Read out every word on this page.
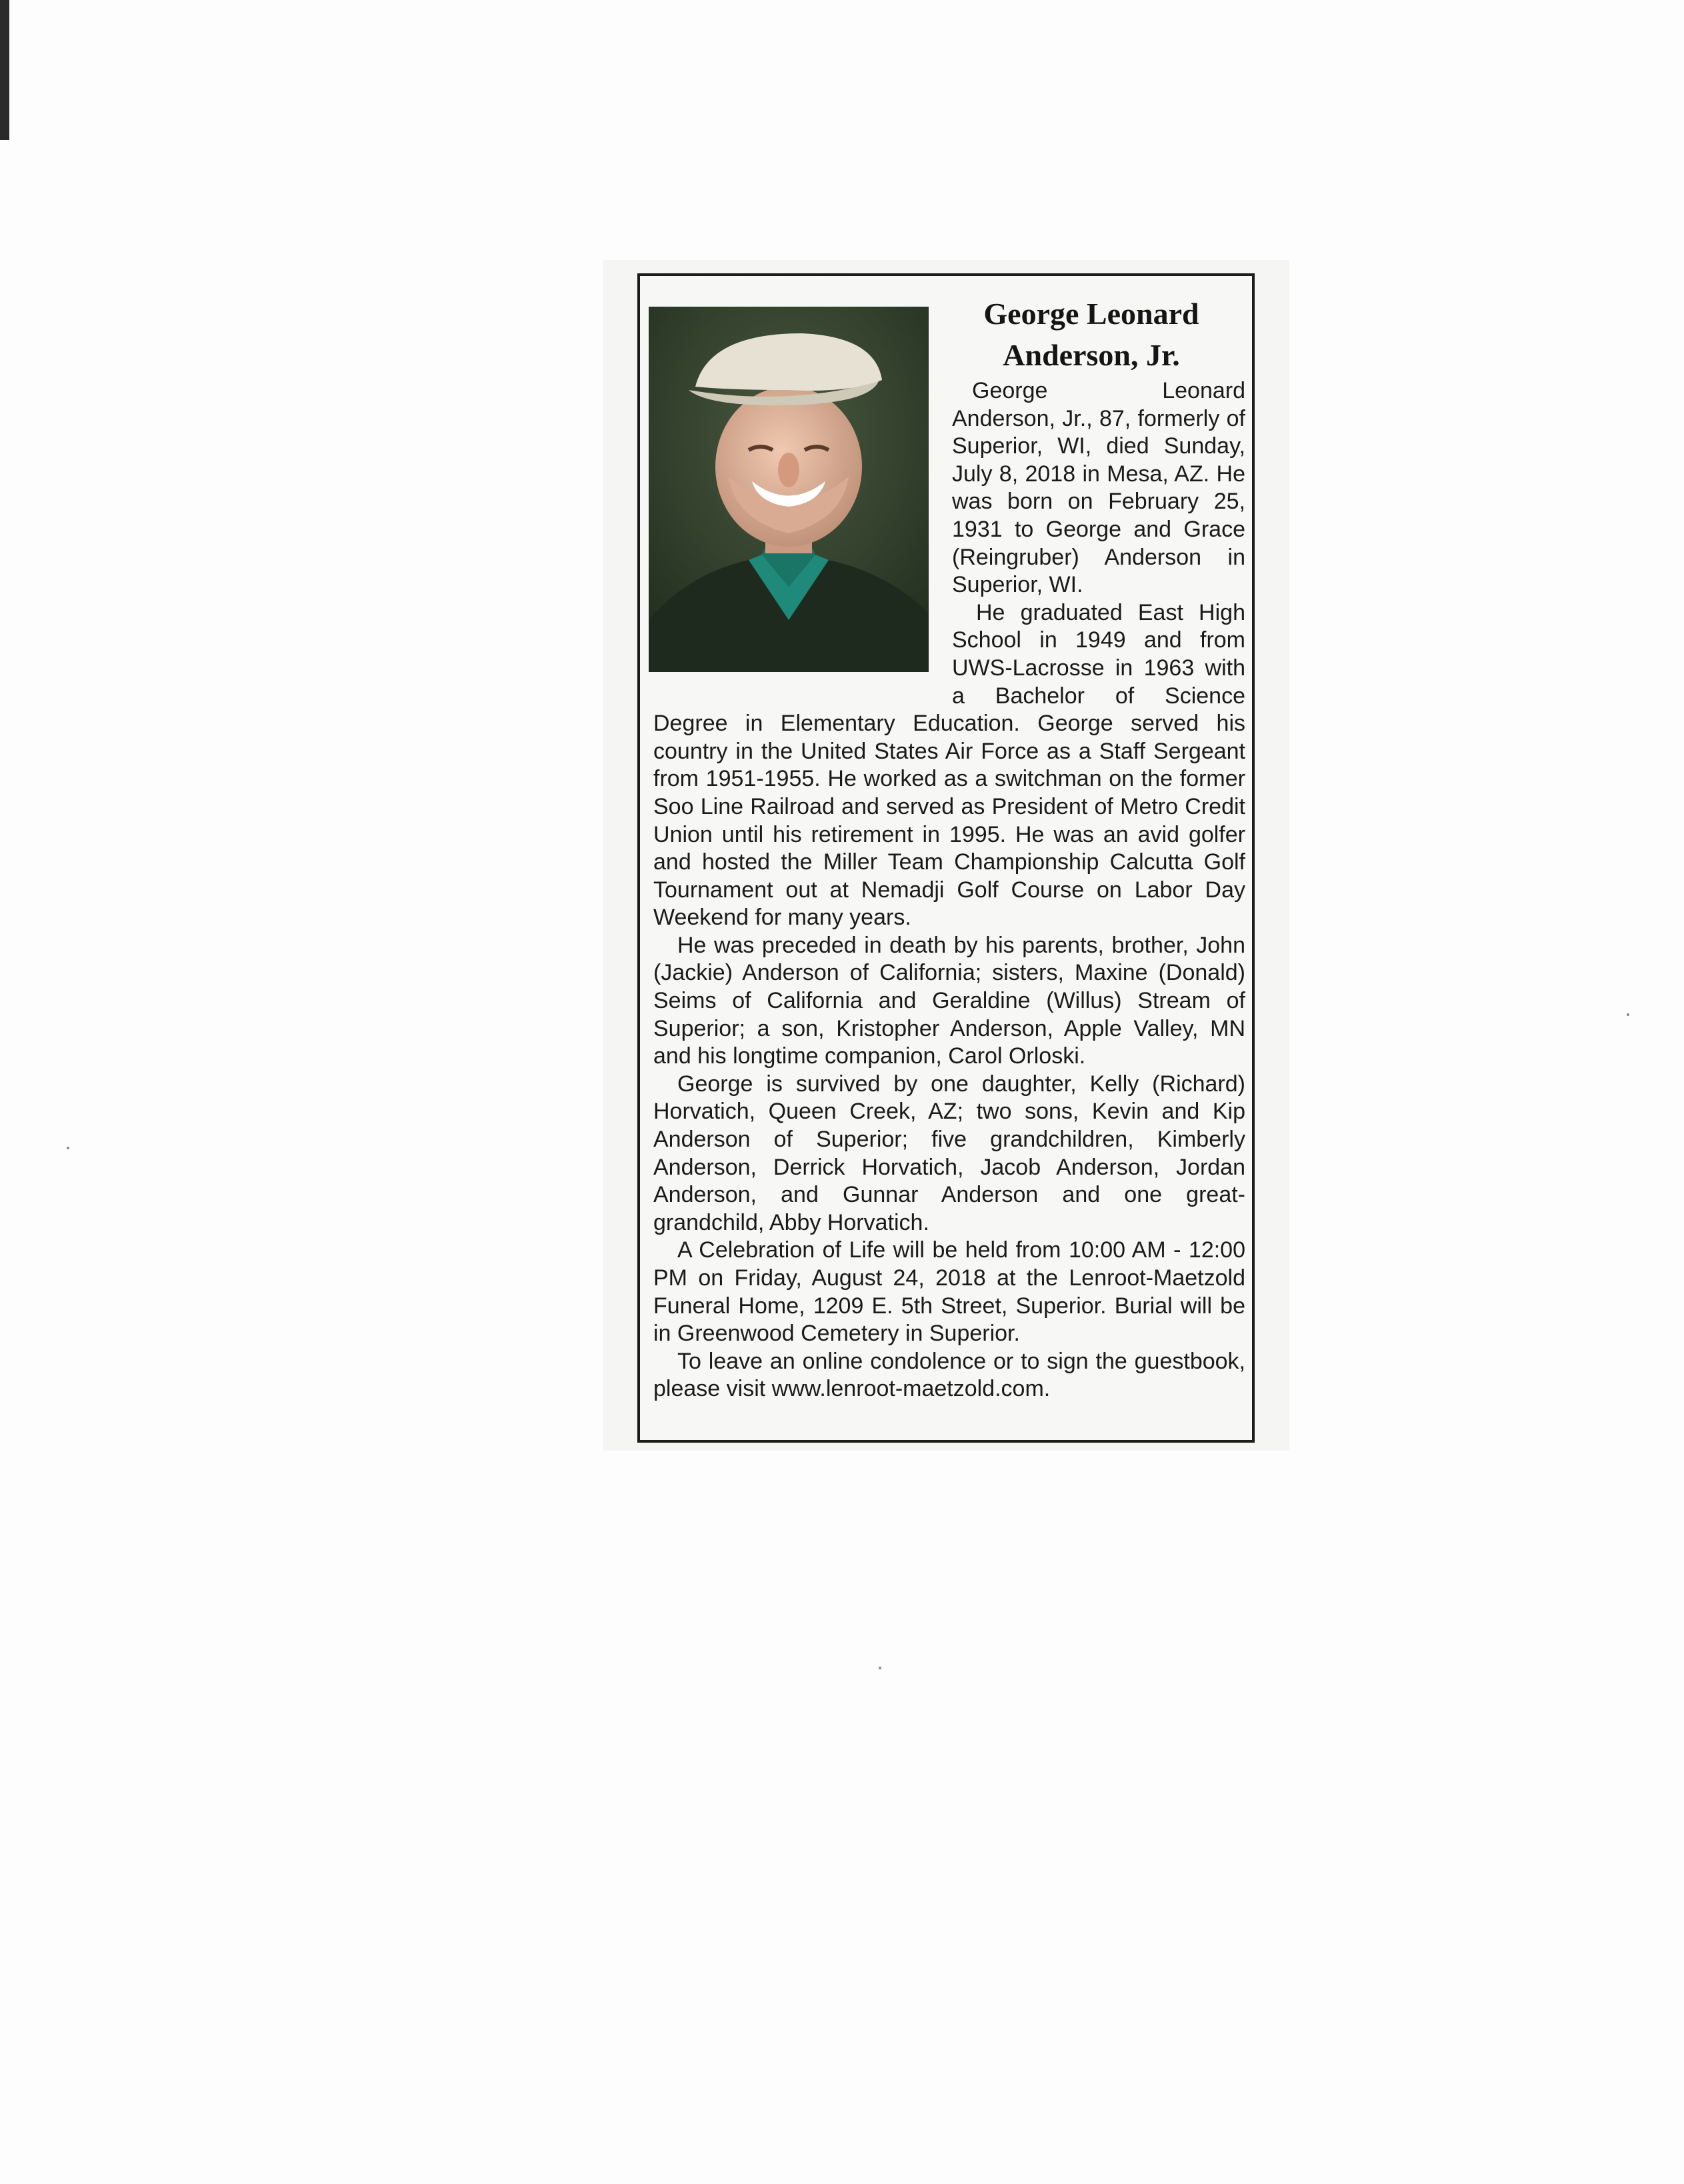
George Leonard
Anderson, Jr.

George Leonard Anderson, Jr., 87, formerly of Superior, WI, died Sunday, July 8, 2018 in Mesa, AZ. He was born on February 25, 1931 to George and Grace (Reingruber) Anderson in Superior, WI.

He graduated East High School in 1949 and from UWS-Lacrosse in 1963 with a Bachelor of Science Degree in Elementary Education. George served his country in the United States Air Force as a Staff Sergeant from 1951-1955. He worked as a switchman on the former Soo Line Railroad and served as President of Metro Credit Union until his retirement in 1995. He was an avid golfer and hosted the Miller Team Championship Calcutta Golf Tournament out at Nemadji Golf Course on Labor Day Weekend for many years.

He was preceded in death by his parents, brother, John (Jackie) Anderson of California; sisters, Maxine (Donald) Seims of California and Geraldine (Willus) Stream of Superior; a son, Kristopher Anderson, Apple Valley, MN and his longtime companion, Carol Orloski.

George is survived by one daughter, Kelly (Richard) Horvatich, Queen Creek, AZ; two sons, Kevin and Kip Anderson of Superior; five grandchildren, Kimberly Anderson, Derrick Horvatich, Jacob Anderson, Jordan Anderson, and Gunnar Anderson and one great-grandchild, Abby Horvatich.

A Celebration of Life will be held from 10:00 AM - 12:00 PM on Friday, August 24, 2018 at the Lenroot-Maetzold Funeral Home, 1209 E. 5th Street, Superior. Burial will be in Greenwood Cemetery in Superior.

To leave an online condolence or to sign the guestbook, please visit www.lenroot-maetzold.com.
